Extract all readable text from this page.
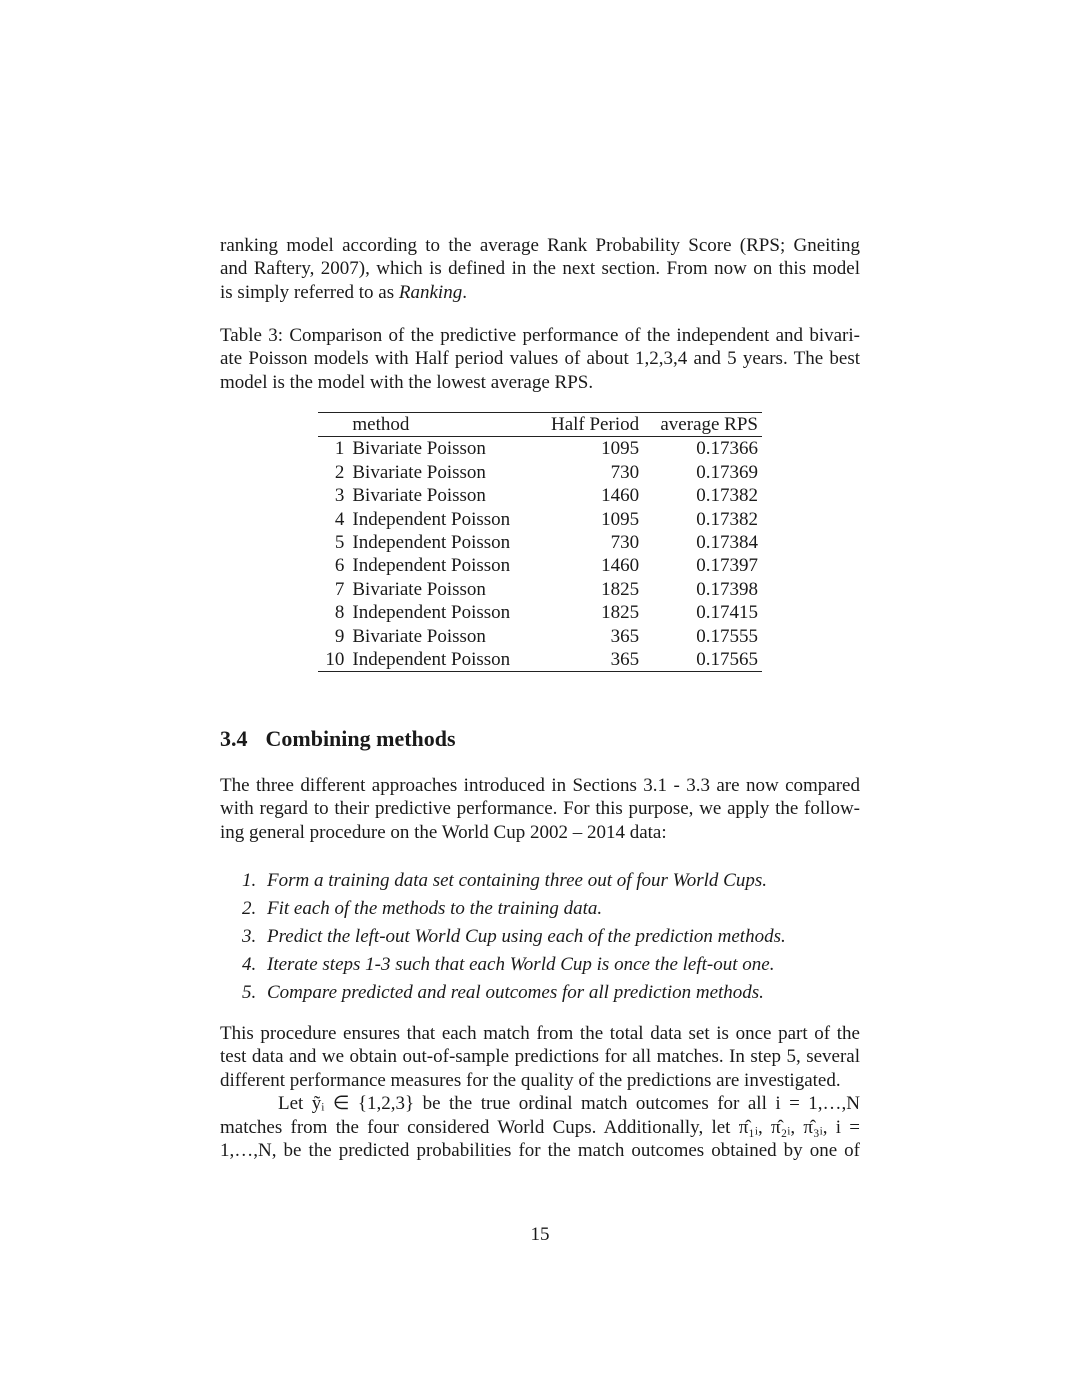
ranking model according to the average Rank Probability Score (RPS; Gneiting
and Raftery, 2007), which is defined in the next section. From now on this model
is simply referred to as Ranking.
Table 3: Comparison of the predictive performance of the independent and bivari-
ate Poisson models with Half period values of about 1,2,3,4 and 5 years. The best
model is the model with the lowest average RPS.
	method	Half Period	average RPS
1	Bivariate Poisson	1095	0.17366
2	Bivariate Poisson	730	0.17369
3	Bivariate Poisson	1460	0.17382
4	Independent Poisson	1095	0.17382
5	Independent Poisson	730	0.17384
6	Independent Poisson	1460	0.17397
7	Bivariate Poisson	1825	0.17398
8	Independent Poisson	1825	0.17415
9	Bivariate Poisson	365	0.17555
10	Independent Poisson	365	0.17565
3.4 Combining methods
The three different approaches introduced in Sections 3.1 - 3.3 are now compared
with regard to their predictive performance. For this purpose, we apply the follow-
ing general procedure on the World Cup 2002 – 2014 data:
1. Form a training data set containing three out of four World Cups.
2. Fit each of the methods to the training data.
3. Predict the left-out World Cup using each of the prediction methods.
4. Iterate steps 1-3 such that each World Cup is once the left-out one.
5. Compare predicted and real outcomes for all prediction methods.
This procedure ensures that each match from the total data set is once part of the
test data and we obtain out-of-sample predictions for all matches. In step 5, several
different performance measures for the quality of the predictions are investigated.
Let ỹᵢ ∈ {1,2,3} be the true ordinal match outcomes for all i = 1,…,N
matches from the four considered World Cups. Additionally, let π̂₁ᵢ, π̂₂ᵢ, π̂₃ᵢ, i =
1,…,N, be the predicted probabilities for the match outcomes obtained by one of
15
